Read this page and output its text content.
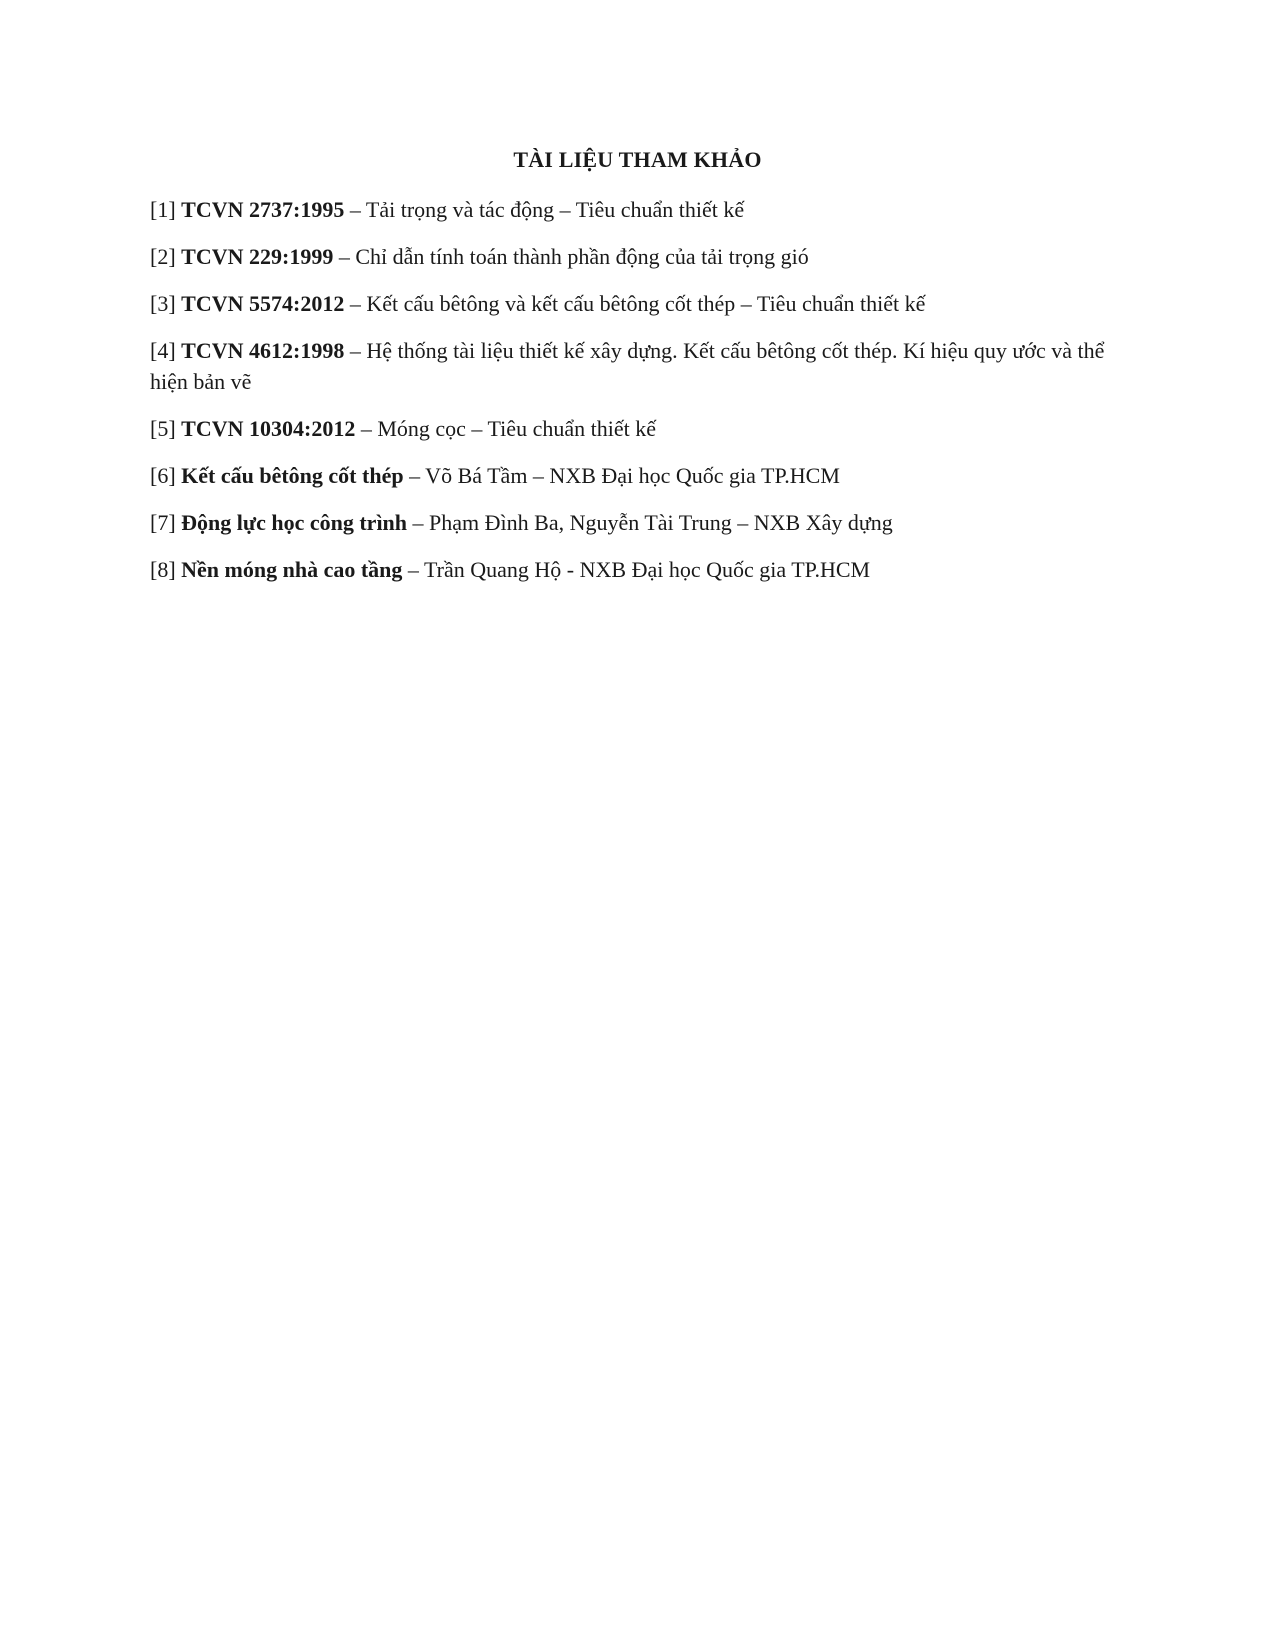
TÀI LIỆU THAM KHẢO
[1] TCVN 2737:1995 – Tải trọng và tác động – Tiêu chuẩn thiết kế
[2] TCVN 229:1999 – Chỉ dẫn tính toán thành phần động của tải trọng gió
[3] TCVN 5574:2012 – Kết cấu bêtông và kết cấu bêtông cốt thép – Tiêu chuẩn thiết kế
[4] TCVN 4612:1998 – Hệ thống tài liệu thiết kế xây dựng. Kết cấu bêtông cốt thép. Kí hiệu quy ước và thể hiện bản vẽ
[5] TCVN 10304:2012 – Móng cọc – Tiêu chuẩn thiết kế
[6] Kết cấu bêtông cốt thép – Võ Bá Tầm – NXB Đại học Quốc gia TP.HCM
[7] Động lực học công trình – Phạm Đình Ba, Nguyễn Tài Trung – NXB Xây dựng
[8] Nền móng nhà cao tầng – Trần Quang Hộ - NXB Đại học Quốc gia TP.HCM
